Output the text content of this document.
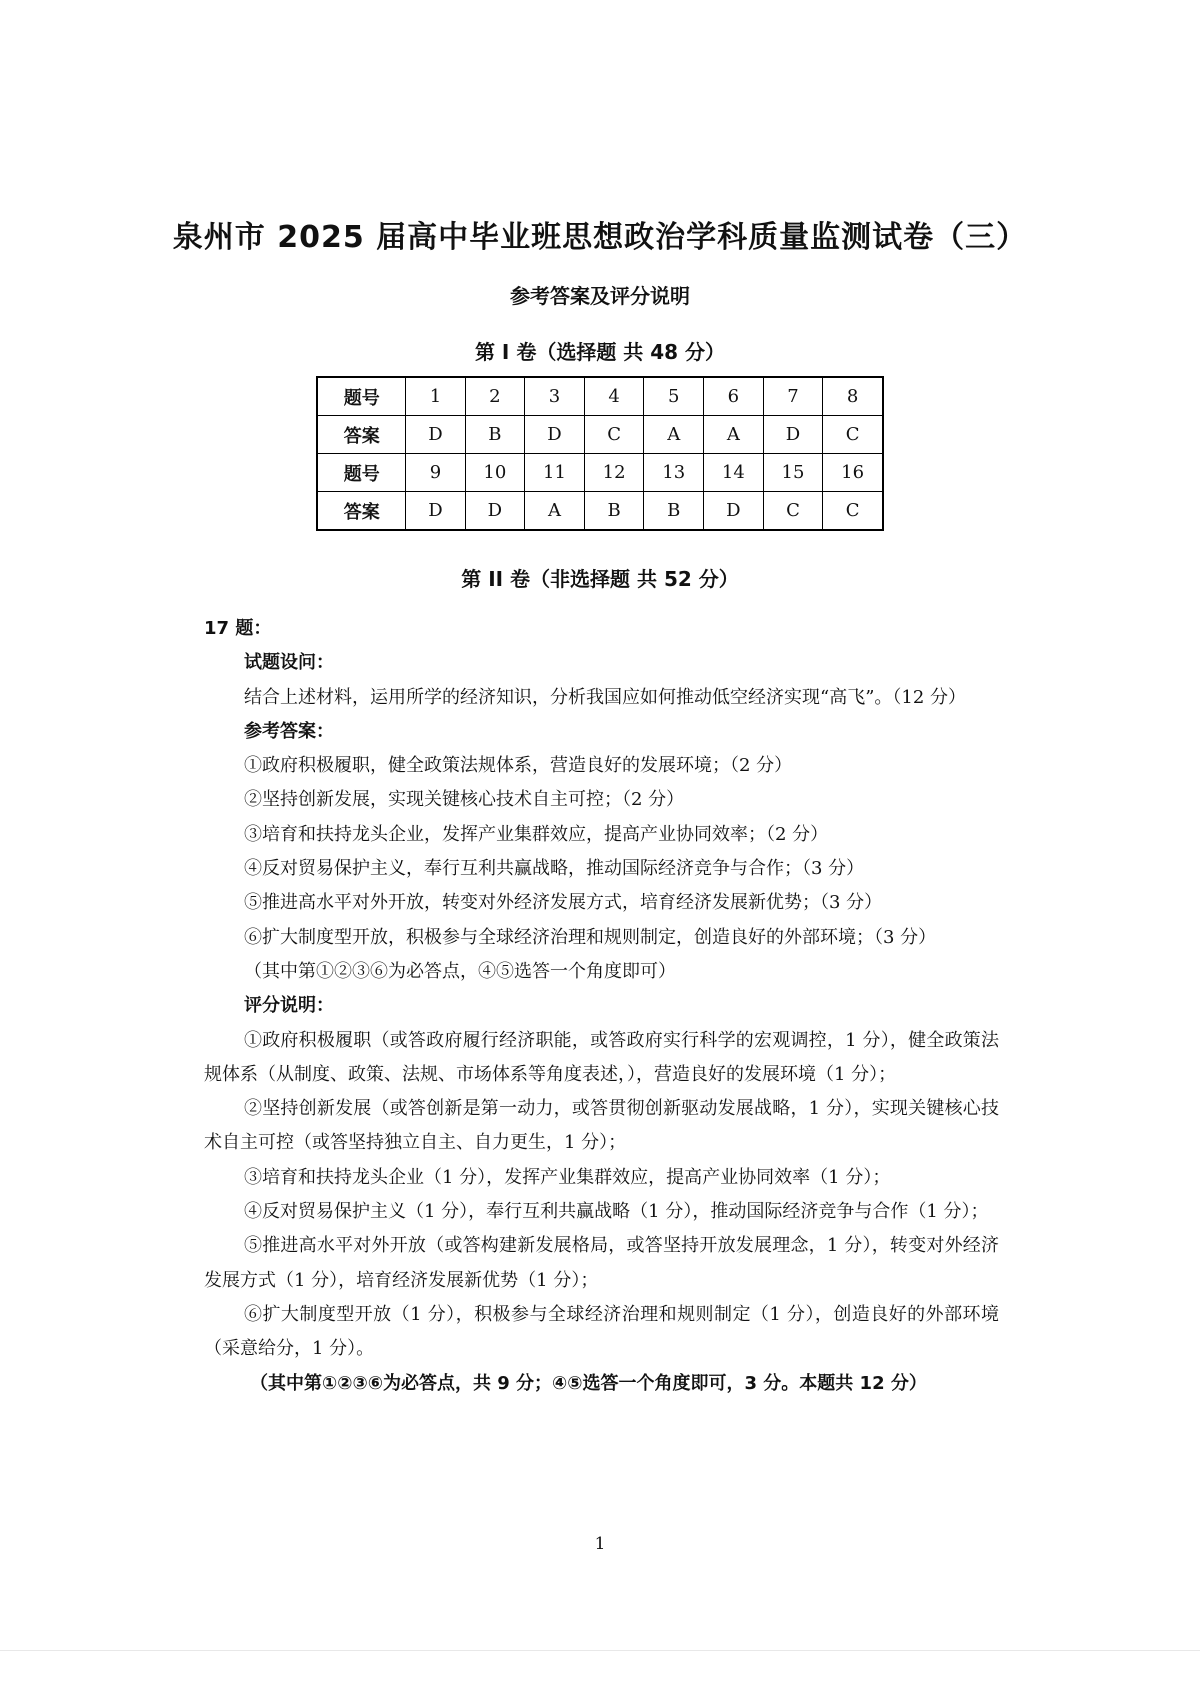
泉州市 2025 届高中毕业班思想政治学科质量监测试卷（三）
参考答案及评分说明
第 I 卷（选择题 共 48 分）
题号	1	2	3	4	5	6	7	8
答案	D	B	D	C	A	A	D	C
题号	9	10	11	12	13	14	15	16
答案	D	D	A	B	B	D	C	C
第 II 卷（非选择题 共 52 分）

17 题：

试题设问：

结合上述材料，运用所学的经济知识，分析我国应如何推动低空经济实现“高飞”。（12 分）

参考答案：

①政府积极履职，健全政策法规体系，营造良好的发展环境；（2 分）

②坚持创新发展，实现关键核心技术自主可控；（2 分）

③培育和扶持龙头企业，发挥产业集群效应，提高产业协同效率；（2 分）

④反对贸易保护主义，奉行互利共赢战略，推动国际经济竞争与合作；（3 分）

⑤推进高水平对外开放，转变对外经济发展方式，培育经济发展新优势；（3 分）

⑥扩大制度型开放，积极参与全球经济治理和规则制定，创造良好的外部环境；（3 分）

（其中第①②③⑥为必答点，④⑤选答一个角度即可）

评分说明：

①政府积极履职（或答政府履行经济职能，或答政府实行科学的宏观调控，1 分），健全政策法规体系（从制度、政策、法规、市场体系等角度表述，），营造良好的发展环境（1 分）；

②坚持创新发展（或答创新是第一动力，或答贯彻创新驱动发展战略，1 分），实现关键核心技术自主可控（或答坚持独立自主、自力更生，1 分）；

③培育和扶持龙头企业（1 分），发挥产业集群效应，提高产业协同效率（1 分）；

④反对贸易保护主义（1 分），奉行互利共赢战略（1 分），推动国际经济竞争与合作（1 分）；

⑤推进高水平对外开放（或答构建新发展格局，或答坚持开放发展理念，1 分），转变对外经济发展方式（1 分），培育经济发展新优势（1 分）；

⑥扩大制度型开放（1 分），积极参与全球经济治理和规则制定（1 分），创造良好的外部环境（采意给分，1 分）。

（其中第①②③⑥为必答点，共 9 分；④⑤选答一个角度即可，3 分。本题共 12 分）

1
